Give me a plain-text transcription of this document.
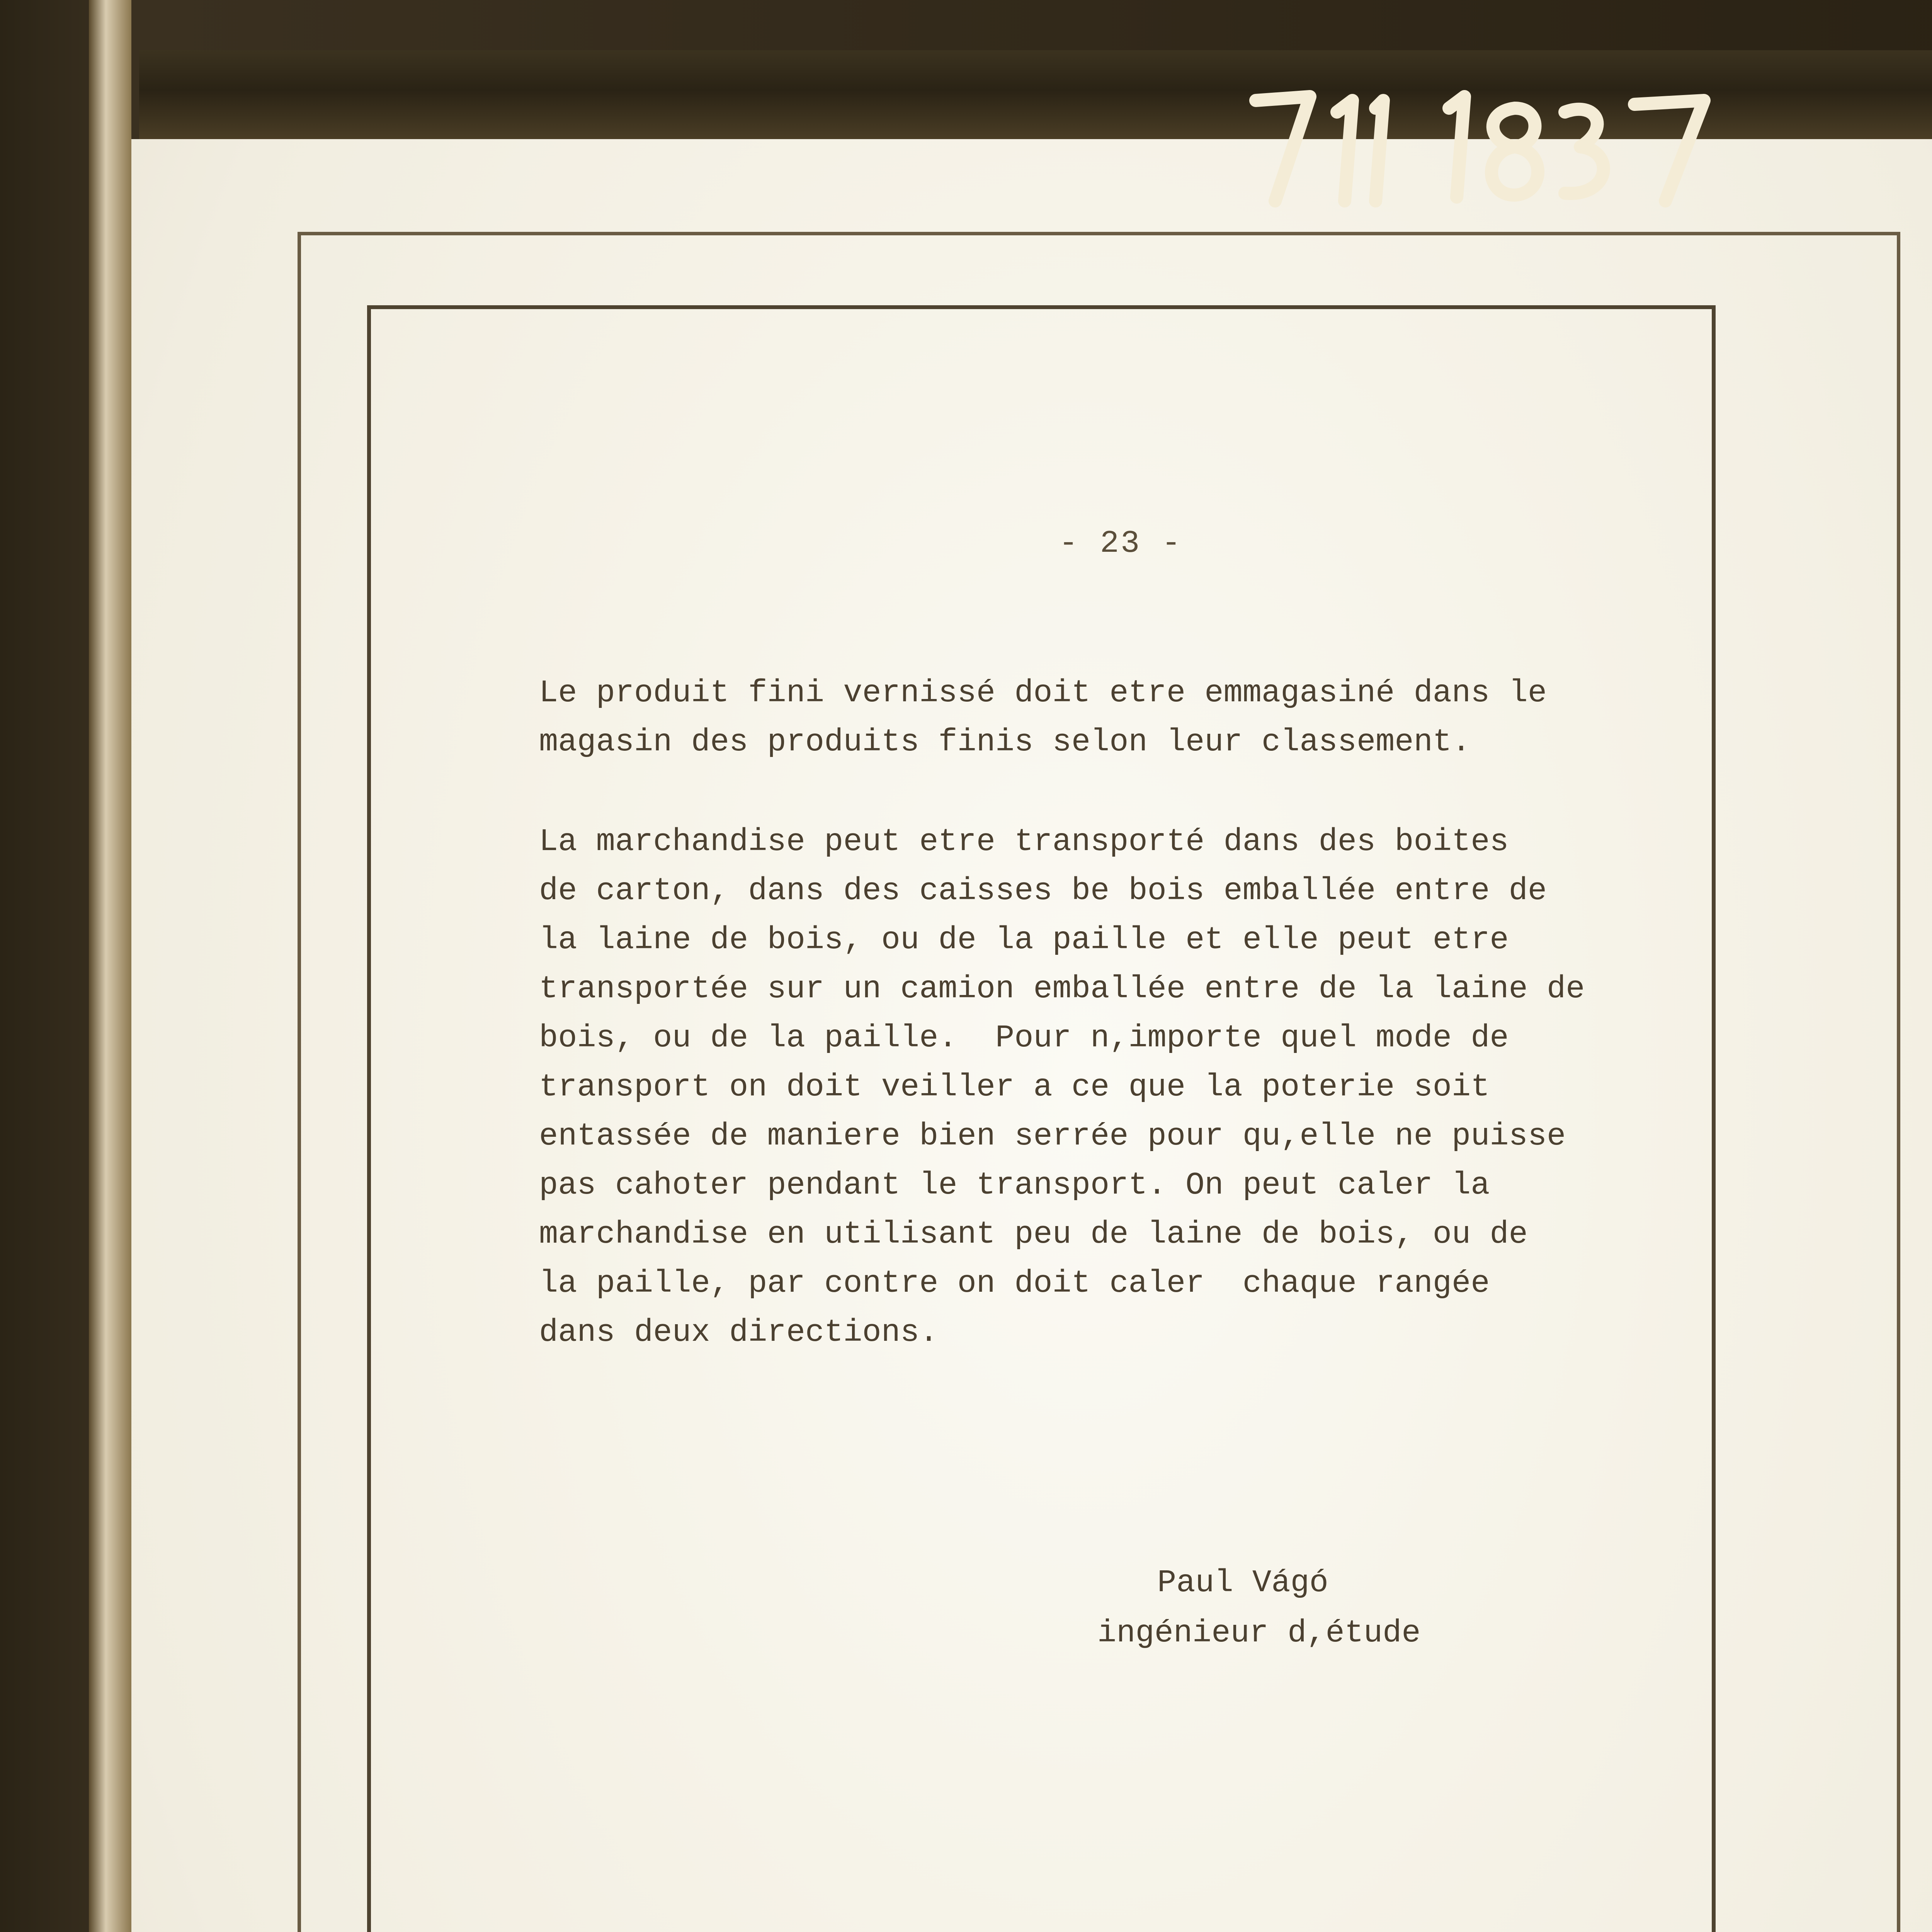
- 23 -
Le produit fini vernissé doit etre emmagasiné dans le
magasin des produits finis selon leur classement.
La marchandise peut etre transporté dans des boites
de carton, dans des caisses be bois emballée entre de
la laine de bois, ou de la paille et elle peut etre
transportée sur un camion emballée entre de la laine de
bois, ou de la paille.  Pour n,importe quel mode de
transport on doit veiller a ce que la poterie soit
entassée de maniere bien serrée pour qu,elle ne puisse
pas cahoter pendant le transport. On peut caler la
marchandise en utilisant peu de laine de bois, ou de
la paille, par contre on doit caler  chaque rangée
dans deux directions.
Paul Vágó
ingénieur d,étude
